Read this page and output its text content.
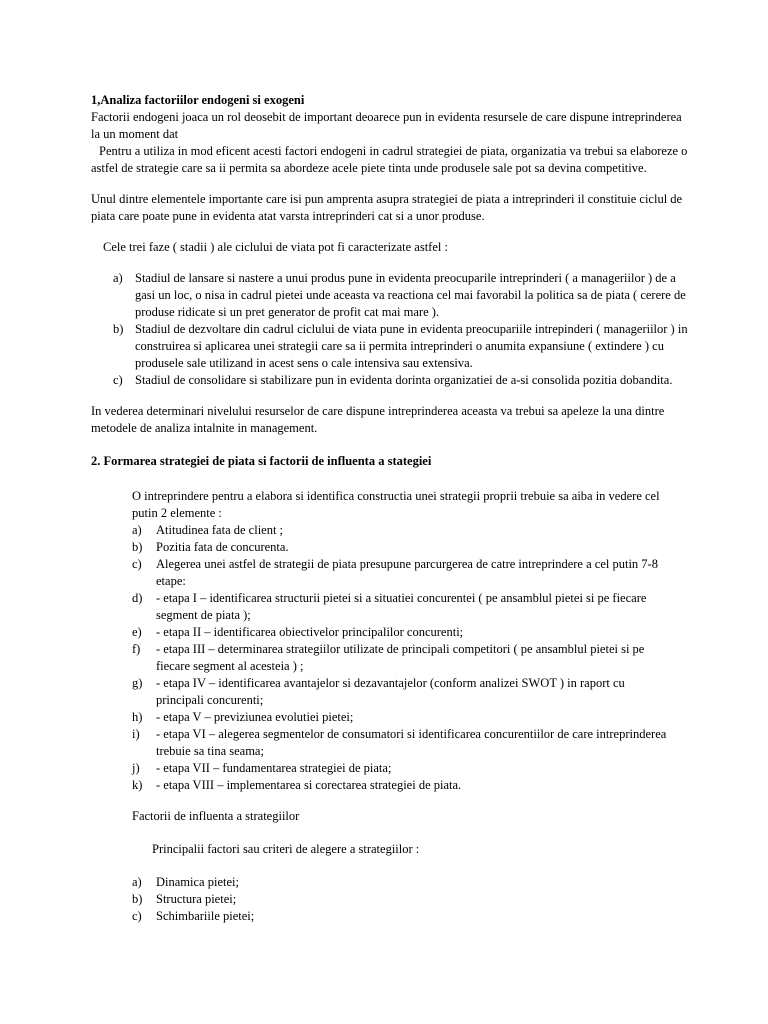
1,Analiza factoriilor endogeni si exogeni

Factorii endogeni joaca un rol deosebit de important deoarece pun in evidenta resursele de care dispune intreprinderea la un moment dat

Pentru a utiliza in mod eficent acesti factori endogeni in cadrul strategiei de piata, organizatia va trebui sa elaboreze o astfel de strategie care sa ii permita sa abordeze acele piete tinta unde produsele sale pot sa devina competitive.

Unul dintre elementele importante care isi pun amprenta asupra strategiei de piata a intreprinderi il constituie ciclul de piata care poate pune in evidenta atat varsta intreprinderi cat si a unor produse.

Cele trei faze ( stadii ) ale ciclului de viata pot fi caracterizate astfel :

a) Stadiul de lansare si nastere a unui produs pune in evidenta preocuparile intreprinderi ( a manageriilor ) de a gasi un loc, o nisa in cadrul pietei unde aceasta va reactiona cel mai favorabil la politica sa de piata ( cerere de produse ridicate si un pret generator de profit cat mai mare ).
b) Stadiul de dezvoltare din cadrul ciclului de viata pune in evidenta preocupariile intrepinderi ( manageriilor ) in construirea si aplicarea unei strategii care sa ii permita intreprinderi o anumita expansiune ( extindere ) cu produsele sale utilizand in acest sens o cale intensiva sau extensiva.
c) Stadiul de consolidare si stabilizare pun in evidenta dorinta organizatiei de a-si consolida pozitia dobandita.

In vederea determinari nivelului resurselor de care dispune intreprinderea aceasta va trebui sa apeleze la una dintre metodele de analiza intalnite in management.

2. Formarea strategiei de piata si factorii de influenta a stategiei

O intreprindere pentru a elabora si identifica constructia unei strategii proprii trebuie sa aiba in vedere cel putin 2 elemente :

a) Atitudinea fata de client ;
b) Pozitia fata de concurenta.
c) Alegerea unei astfel de strategii de piata presupune parcurgerea de catre intreprindere a cel putin 7-8 etape:
d) - etapa I – identificarea structurii pietei si a situatiei concurentei ( pe ansamblul pietei si pe fiecare segment de piata );
e) - etapa II – identificarea obiectivelor principalilor concurenti;
f) - etapa III – determinarea strategiilor utilizate de principali competitori ( pe ansamblul pietei si pe fiecare segment al acesteia ) ;
g) - etapa IV – identificarea avantajelor si dezavantajelor (conform analizei SWOT ) in raport cu principali concurenti;
h) - etapa V – previziunea evolutiei pietei;
i) - etapa VI – alegerea segmentelor de consumatori si identificarea concurentiilor de care intreprinderea trebuie sa tina seama;
j) - etapa VII – fundamentarea strategiei de piata;
k) - etapa VIII – implementarea si corectarea strategiei de piata.

Factorii de influenta a strategiilor

Principalii factori sau criteri de alegere a strategiilor :

a) Dinamica pietei;
b) Structura pietei;
c) Schimbariile pietei;
